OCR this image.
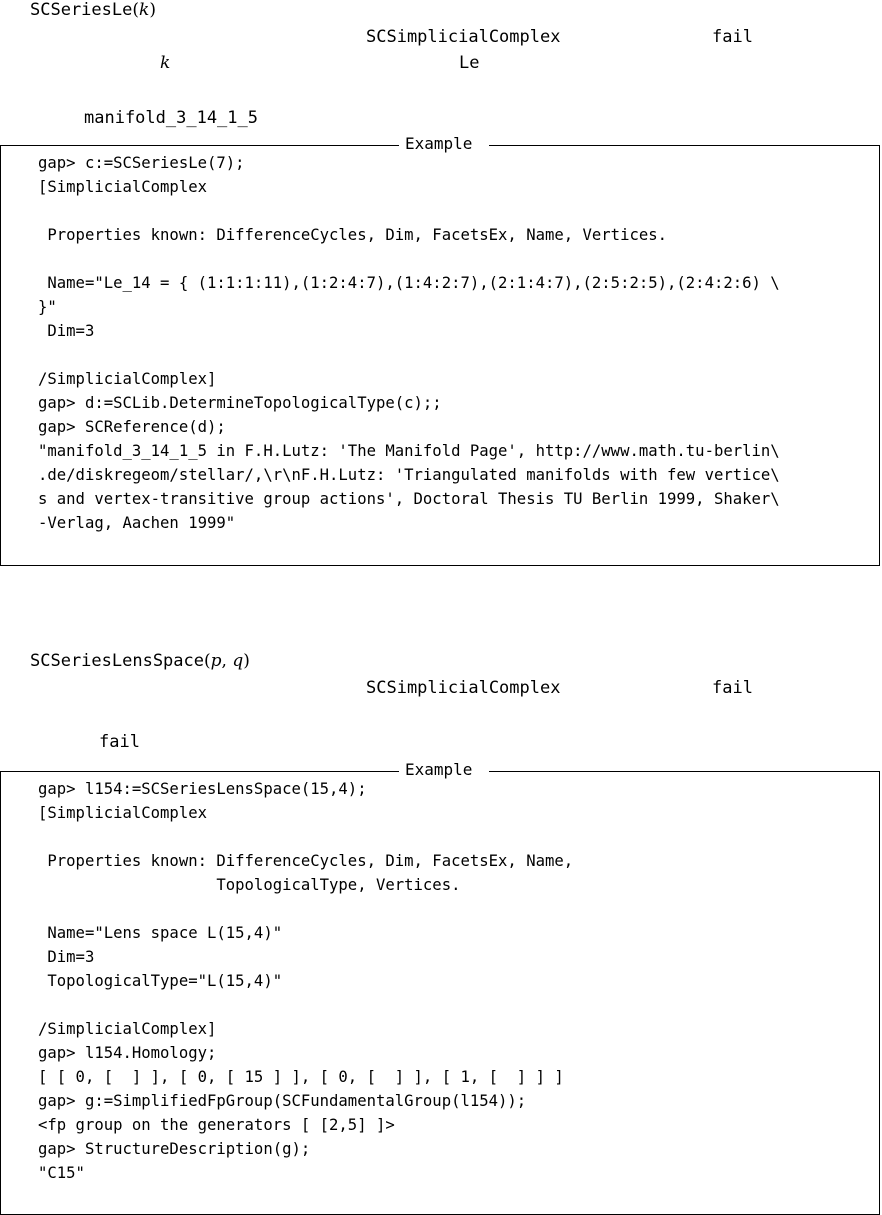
SCSeriesLe(k)
SCSimplicialComplex	fail
k	Le
manifold_3_14_1_5
Example
gap> c:=SCSeriesLe(7);
[SimplicialComplex
Properties known: DifferenceCycles, Dim, FacetsEx, Name, Vertices.
Name="Le_14 = { (1:1:1:11),(1:2:4:7),(1:4:2:7),(2:1:4:7),(2:5:2:5),(2:4:2:6) \
}"
Dim=3
/SimplicialComplex]
gap> d:=SCLib.DetermineTopologicalType(c);;
gap> SCReference(d);
"manifold_3_14_1_5 in F.H.Lutz: 'The Manifold Page', http://www.math.tu-berlin\
.de/diskregeom/stellar/,\r\nF.H.Lutz: 'Triangulated manifolds with few vertice\
s and vertex-transitive group actions', Doctoral Thesis TU Berlin 1999, Shaker\
-Verlag, Aachen 1999"
SCSeriesLensSpace(p, q)
SCSimplicialComplex	fail
fail
Example
gap> l154:=SCSeriesLensSpace(15,4);
[SimplicialComplex
Properties known: DifferenceCycles, Dim, FacetsEx, Name,
TopologicalType, Vertices.
Name="Lens space L(15,4)"
Dim=3
TopologicalType="L(15,4)"
/SimplicialComplex]
gap> l154.Homology;
[ [ 0, [  ] ], [ 0, [ 15 ] ], [ 0, [  ] ], [ 1, [  ] ] ]
gap> g:=SimplifiedFpGroup(SCFundamentalGroup(l154));
<fp group on the generators [ [2,5] ]>
gap> StructureDescription(g);
"C15"
